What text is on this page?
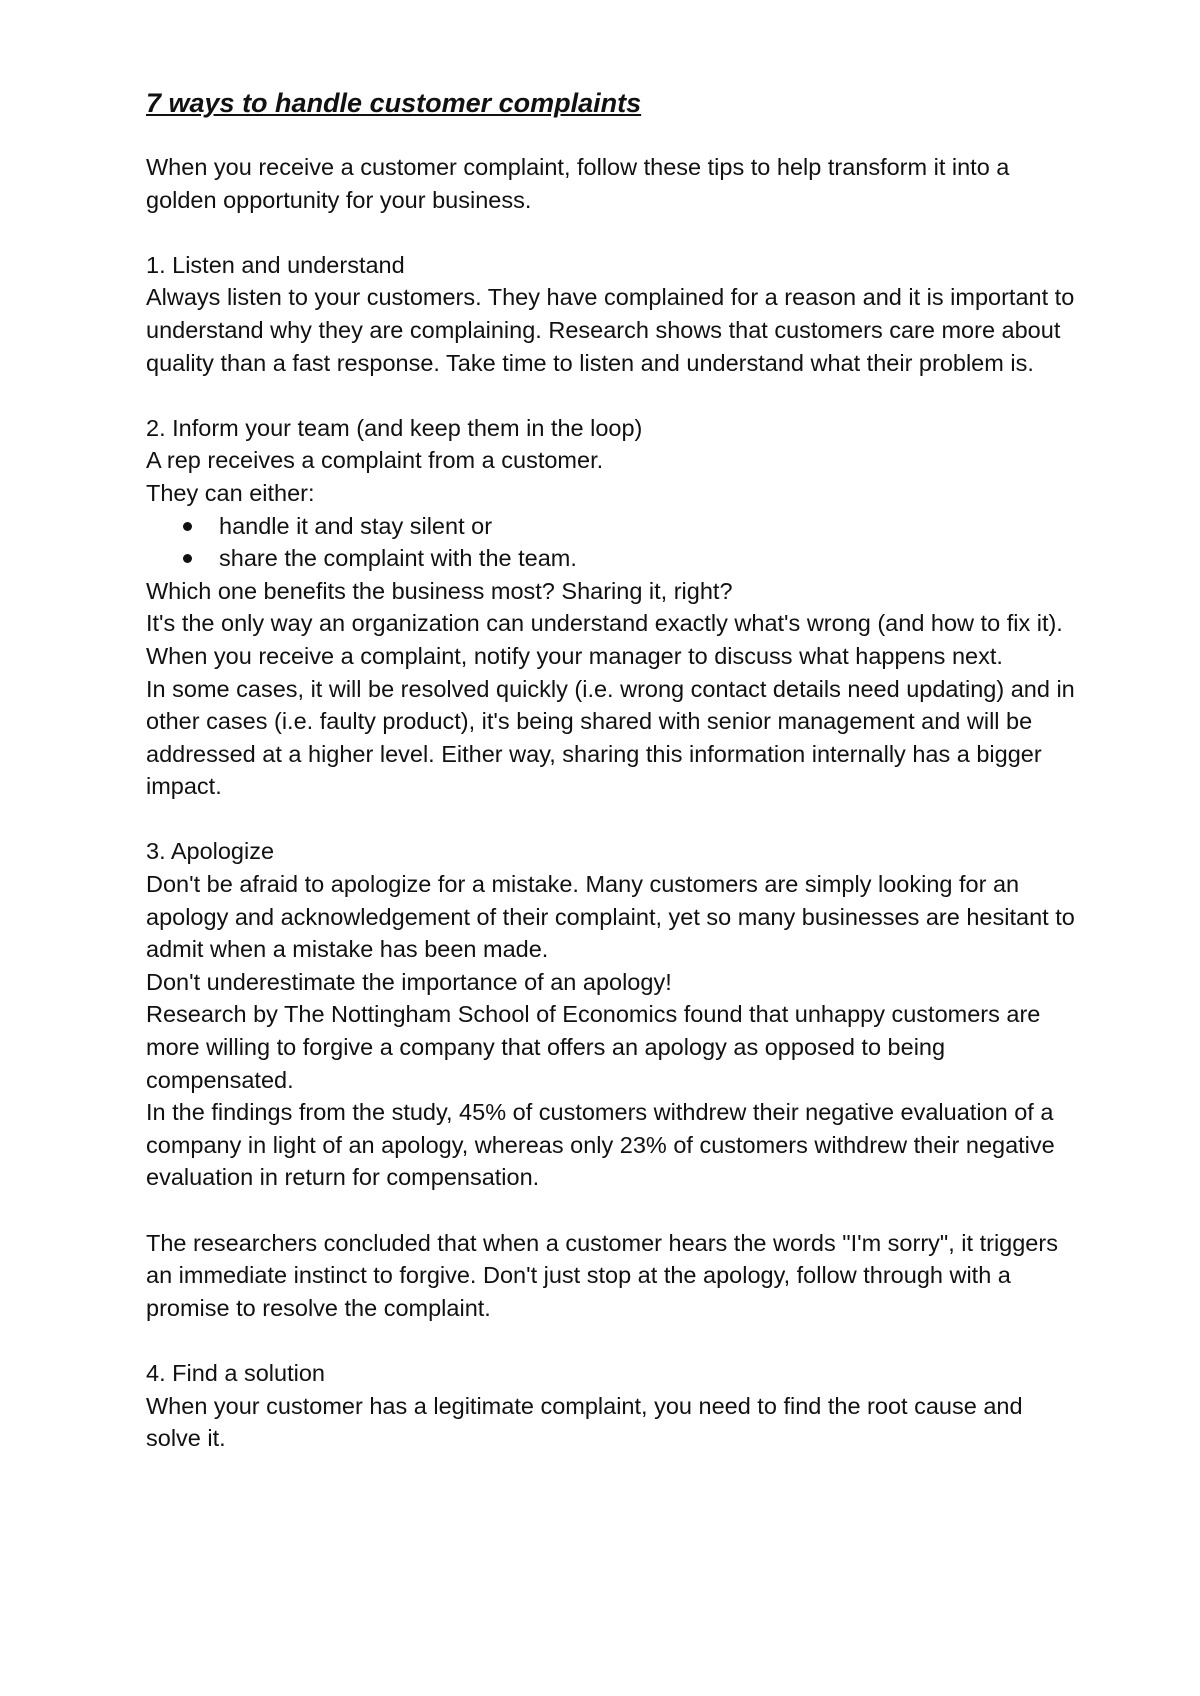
7 ways to handle customer complaints

When you receive a customer complaint, follow these tips to help transform it into a golden opportunity for your business.

1. Listen and understand

Always listen to your customers. They have complained for a reason and it is important to understand why they are complaining. Research shows that customers care more about quality than a fast response. Take time to listen and understand what their problem is.

2. Inform your team (and keep them in the loop)

A rep receives a complaint from a customer.

They can either:

handle it and stay silent or
share the complaint with the team.

Which one benefits the business most? Sharing it, right?

It's the only way an organization can understand exactly what's wrong (and how to fix it). When you receive a complaint, notify your manager to discuss what happens next.

In some cases, it will be resolved quickly (i.e. wrong contact details need updating) and in other cases (i.e. faulty product), it's being shared with senior management and will be addressed at a higher level. Either way, sharing this information internally has a bigger impact.

3. Apologize

Don't be afraid to apologize for a mistake. Many customers are simply looking for an apology and acknowledgement of their complaint, yet so many businesses are hesitant to admit when a mistake has been made.

Don't underestimate the importance of an apology!

Research by The Nottingham School of Economics found that unhappy customers are more willing to forgive a company that offers an apology as opposed to being compensated.

In the findings from the study, 45% of customers withdrew their negative evaluation of a company in light of an apology, whereas only 23% of customers withdrew their negative evaluation in return for compensation.

The researchers concluded that when a customer hears the words "I'm sorry", it triggers an immediate instinct to forgive. Don't just stop at the apology, follow through with a promise to resolve the complaint.

4. Find a solution

When your customer has a legitimate complaint, you need to find the root cause and solve it.
